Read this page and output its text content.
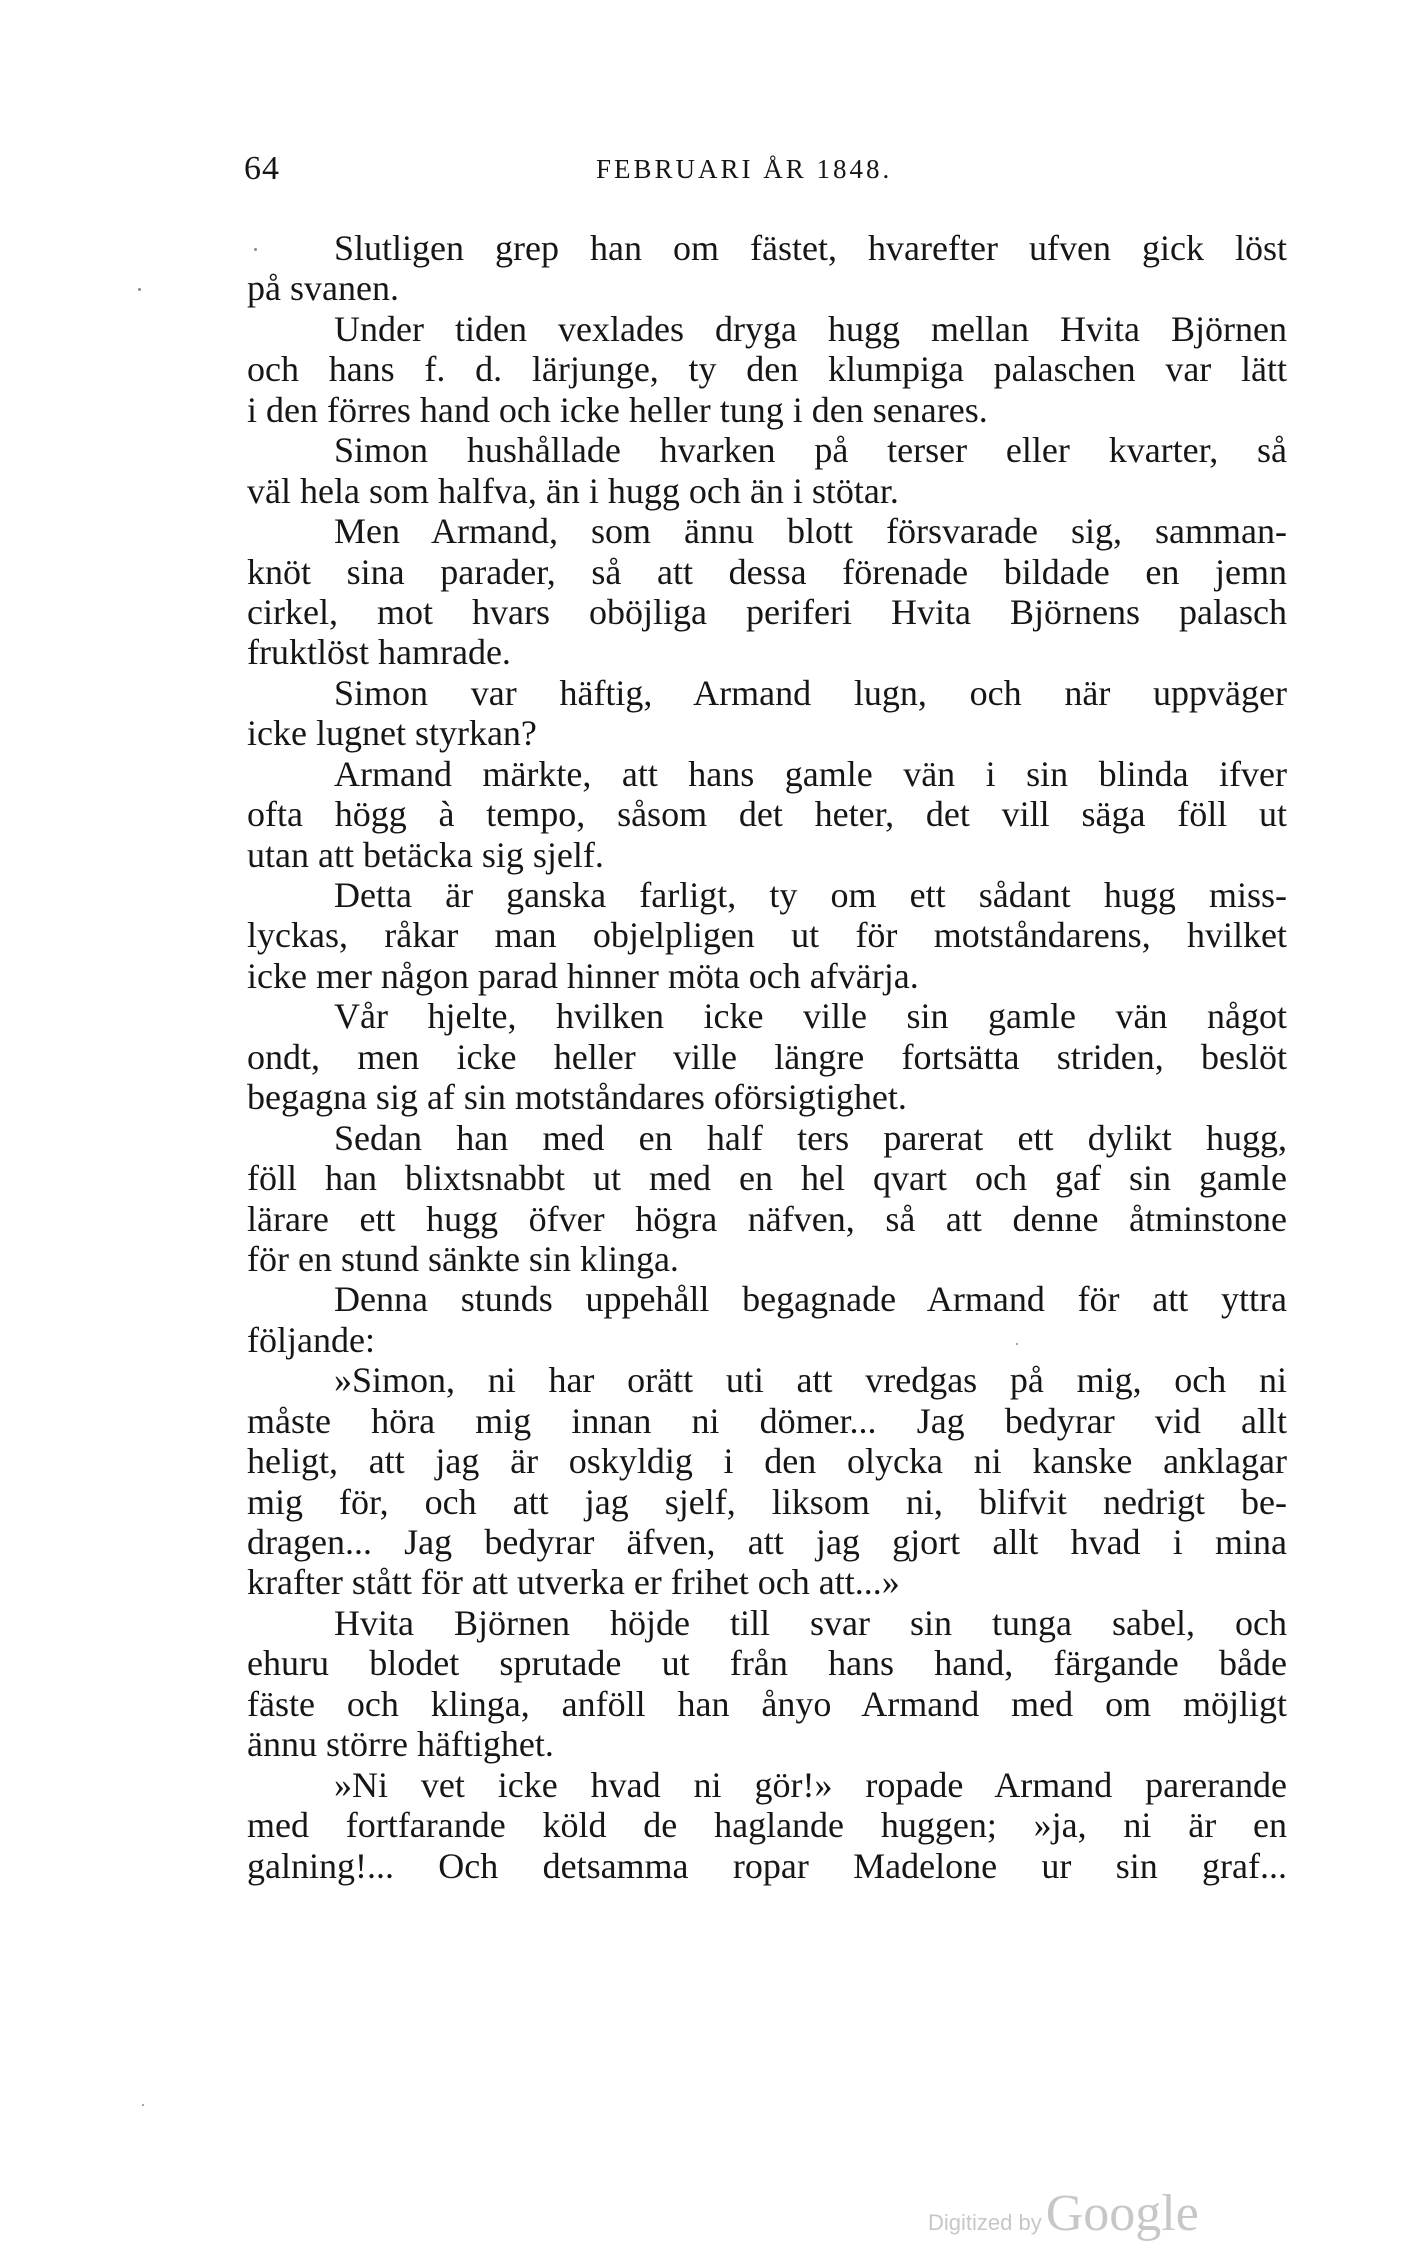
64	FEBRUARI ÅR 1848.
Slutligen grep han om fästet, hvarefter ufven gick löst
på svanen.
Under tiden vexlades dryga hugg mellan Hvita Björnen
och hans f. d. lärjunge, ty den klumpiga palaschen var lätt
i den förres hand och icke heller tung i den senares.
Simon hushållade hvarken på terser eller kvarter, så
väl hela som halfva, än i hugg och än i stötar.
Men Armand, som ännu blott försvarade sig, samman-
knöt sina parader, så att dessa förenade bildade en jemn
cirkel, mot hvars oböjliga periferi Hvita Björnens palasch
fruktlöst hamrade.
Simon var häftig, Armand lugn, och när uppväger
icke lugnet styrkan?
Armand märkte, att hans gamle vän i sin blinda ifver
ofta högg à tempo, såsom det heter, det vill säga föll ut
utan att betäcka sig sjelf.
Detta är ganska farligt, ty om ett sådant hugg miss-
lyckas, råkar man objelpligen ut för motståndarens, hvilket
icke mer någon parad hinner möta och afvärja.
Vår hjelte, hvilken icke ville sin gamle vän något
ondt, men icke heller ville längre fortsätta striden, beslöt
begagna sig af sin motståndares oförsigtighet.
Sedan han med en half ters parerat ett dylikt hugg,
föll han blixtsnabbt ut med en hel qvart och gaf sin gamle
lärare ett hugg öfver högra näfven, så att denne åtminstone
för en stund sänkte sin klinga.
Denna stunds uppehåll begagnade Armand för att yttra
följande:
»Simon, ni har orätt uti att vredgas på mig, och ni
måste höra mig innan ni dömer... Jag bedyrar vid allt
heligt, att jag är oskyldig i den olycka ni kanske anklagar
mig för, och att jag sjelf, liksom ni, blifvit nedrigt be-
dragen... Jag bedyrar äfven, att jag gjort allt hvad i mina
krafter stått för att utverka er frihet och att...»
Hvita Björnen höjde till svar sin tunga sabel, och
ehuru blodet sprutade ut från hans hand, färgande både
fäste och klinga, anföll han ånyo Armand med om möjligt
ännu större häftighet.
»Ni vet icke hvad ni gör!» ropade Armand parerande
med fortfarande köld de haglande huggen; »ja, ni är en
galning!... Och detsamma ropar Madelone ur sin graf...
Digitized by Google
